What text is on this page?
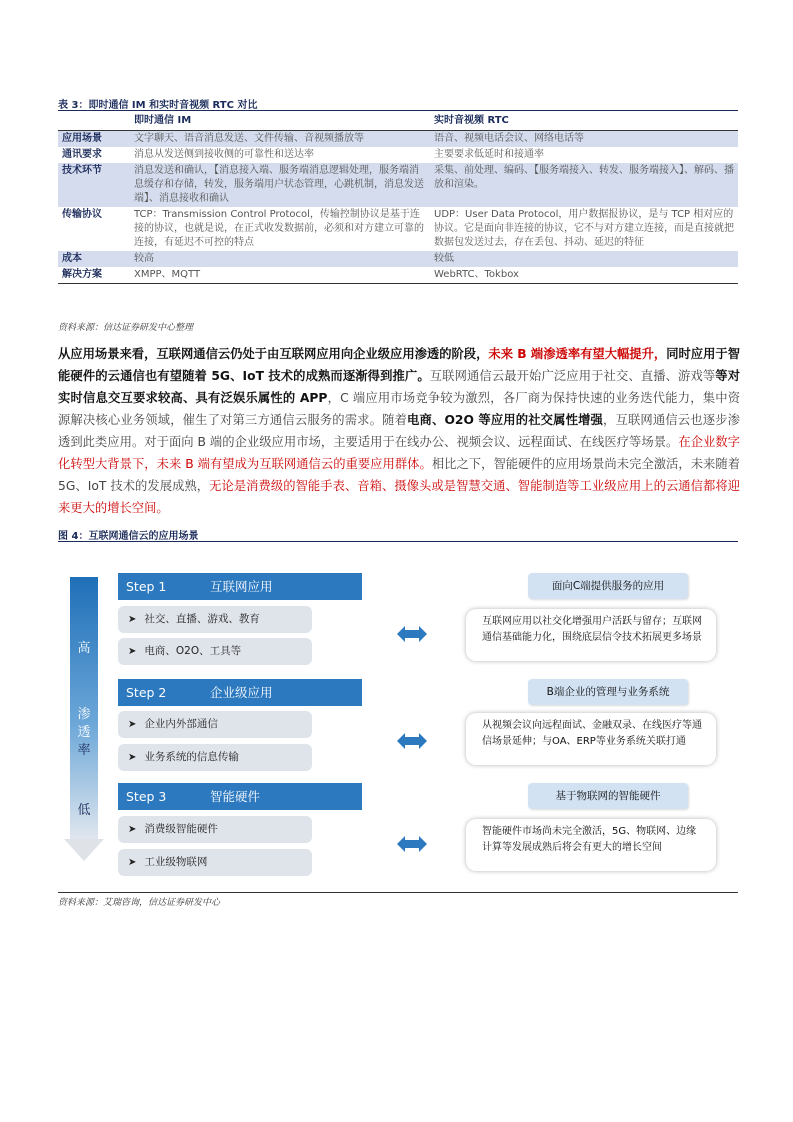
表 3：即时通信 IM 和实时音视频 RTC 对比
	即时通信 IM	实时音视频 RTC
应用场景	文字聊天、语音消息发送、文件传输、音视频播放等	语音、视频电话会议、网络电话等
通讯要求	消息从发送侧到接收侧的可靠性和送达率	主要要求低延时和接通率
技术环节	消息发送和确认，【消息接入端、服务端消息逻辑处理，服务端消息缓存和存储，转发，服务端用户状态管理，心跳机制，消息发送端】、消息接收和确认	采集、前处理、编码、【服务端接入、转发、服务端接入】、解码、播放和渲染。
传输协议	TCP：Transmission Control Protocol，传输控制协议是基于连接的协议，也就是说，在正式收发数据前，必须和对方建立可靠的连接，有延迟不可控的特点	UDP：User Data Protocol，用户数据报协议，是与 TCP 相对应的协议。它是面向非连接的协议，它不与对方建立连接，而是直接就把数据包发送过去，存在丢包、抖动、延迟的特征
成本	较高	较低
解决方案	XMPP、MQTT	WebRTC、Tokbox
资料来源：信达证券研发中心整理
从应用场景来看，互联网通信云仍处于由互联网应用向企业级应用渗透的阶段，未来 B 端渗透率有望大幅提升，同时应用于智能硬件的云通信也有望随着 5G、IoT 技术的成熟而逐渐得到推广。互联网通信云最开始广泛应用于社交、直播、游戏等等对实时信息交互要求较高、具有泛娱乐属性的 APP，C 端应用市场竞争较为激烈，各厂商为保持快速的业务迭代能力，集中资源解决核心业务领域，催生了对第三方通信云服务的需求。随着电商、O2O 等应用的社交属性增强，互联网通信云也逐步渗透到此类应用。对于面向 B 端的企业级应用市场，主要适用于在线办公、视频会议、远程面试、在线医疗等场景。在企业数字化转型大背景下，未来 B 端有望成为互联网通信云的重要应用群体。相比之下，智能硬件的应用场景尚未完全激活，未来随着 5G、IoT 技术的发展成熟，无论是消费级的智能手表、音箱、摄像头或是智慧交通、智能制造等工业级应用上的云通信都将迎来更大的增长空间。
图 4：互联网通信云的应用场景
高
渗
透
率
低
Step 1	互联网应用
➤ 社交、直播、游戏、教育
➤ 电商、O2O、工具等
Step 2	企业级应用
➤ 企业内外部通信
➤ 业务系统的信息传输
Step 3	智能硬件
➤ 消费级智能硬件
➤ 工业级物联网
面向C端提供服务的应用
互联网应用以社交化增强用户活跃与留存；互联网通信基础能力化，围绕底层信令技术拓展更多场景
B端企业的管理与业务系统
从视频会议向远程面试、金融双录、在线医疗等通信场景延伸；与OA、ERP等业务系统关联打通
基于物联网的智能硬件
智能硬件市场尚未完全激活，5G、物联网、边缘计算等发展成熟后将会有更大的增长空间
资料来源：艾瑞咨询，信达证券研发中心
